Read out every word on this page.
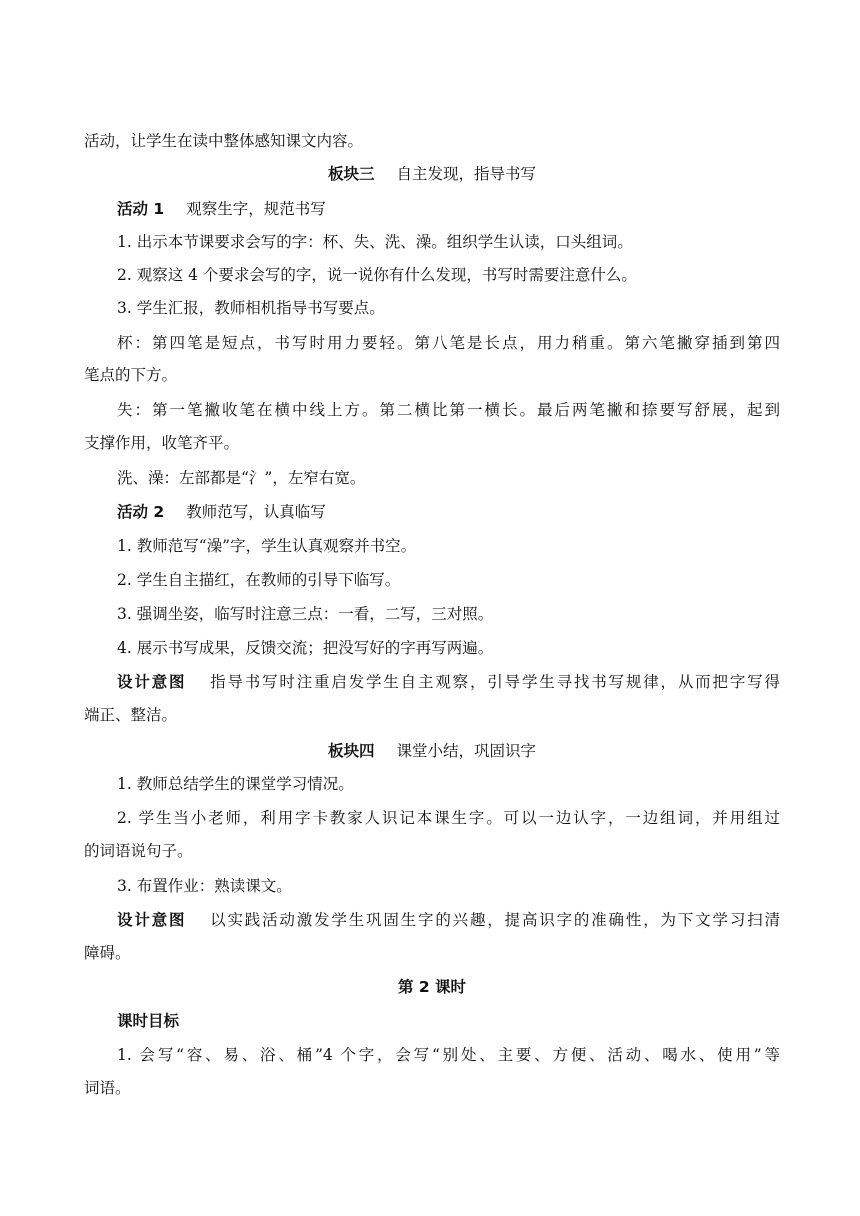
活动，让学生在读中整体感知课文内容。
板块三 自主发现，指导书写
活动 1 观察生字，规范书写
1. 出示本节课要求会写的字：杯、失、洗、澡。组织学生认读，口头组词。
2. 观察这 4 个要求会写的字，说一说你有什么发现，书写时需要注意什么。
3. 学生汇报，教师相机指导书写要点。
杯：第四笔是短点，书写时用力要轻。第八笔是长点，用力稍重。第六笔撇穿插到第四
笔点的下方。
失：第一笔撇收笔在横中线上方。第二横比第一横长。最后两笔撇和捺要写舒展，起到
支撑作用，收笔齐平。
洗、澡：左部都是“氵”，左窄右宽。
活动 2 教师范写，认真临写
1. 教师范写“澡”字，学生认真观察并书空。
2. 学生自主描红，在教师的引导下临写。
3. 强调坐姿，临写时注意三点：一看，二写，三对照。
4. 展示书写成果，反馈交流；把没写好的字再写两遍。
设计意图 指导书写时注重启发学生自主观察，引导学生寻找书写规律，从而把字写得
端正、整洁。
板块四 课堂小结，巩固识字
1. 教师总结学生的课堂学习情况。
2. 学生当小老师，利用字卡教家人识记本课生字。可以一边认字，一边组词，并用组过
的词语说句子。
3. 布置作业：熟读课文。
设计意图 以实践活动激发学生巩固生字的兴趣，提高识字的准确性，为下文学习扫清
障碍。
第 2 课时
课时目标
1. 会写“容、易、浴、桶”4 个字，会写“别处、主要、方便、活动、喝水、使用”等
词语。
